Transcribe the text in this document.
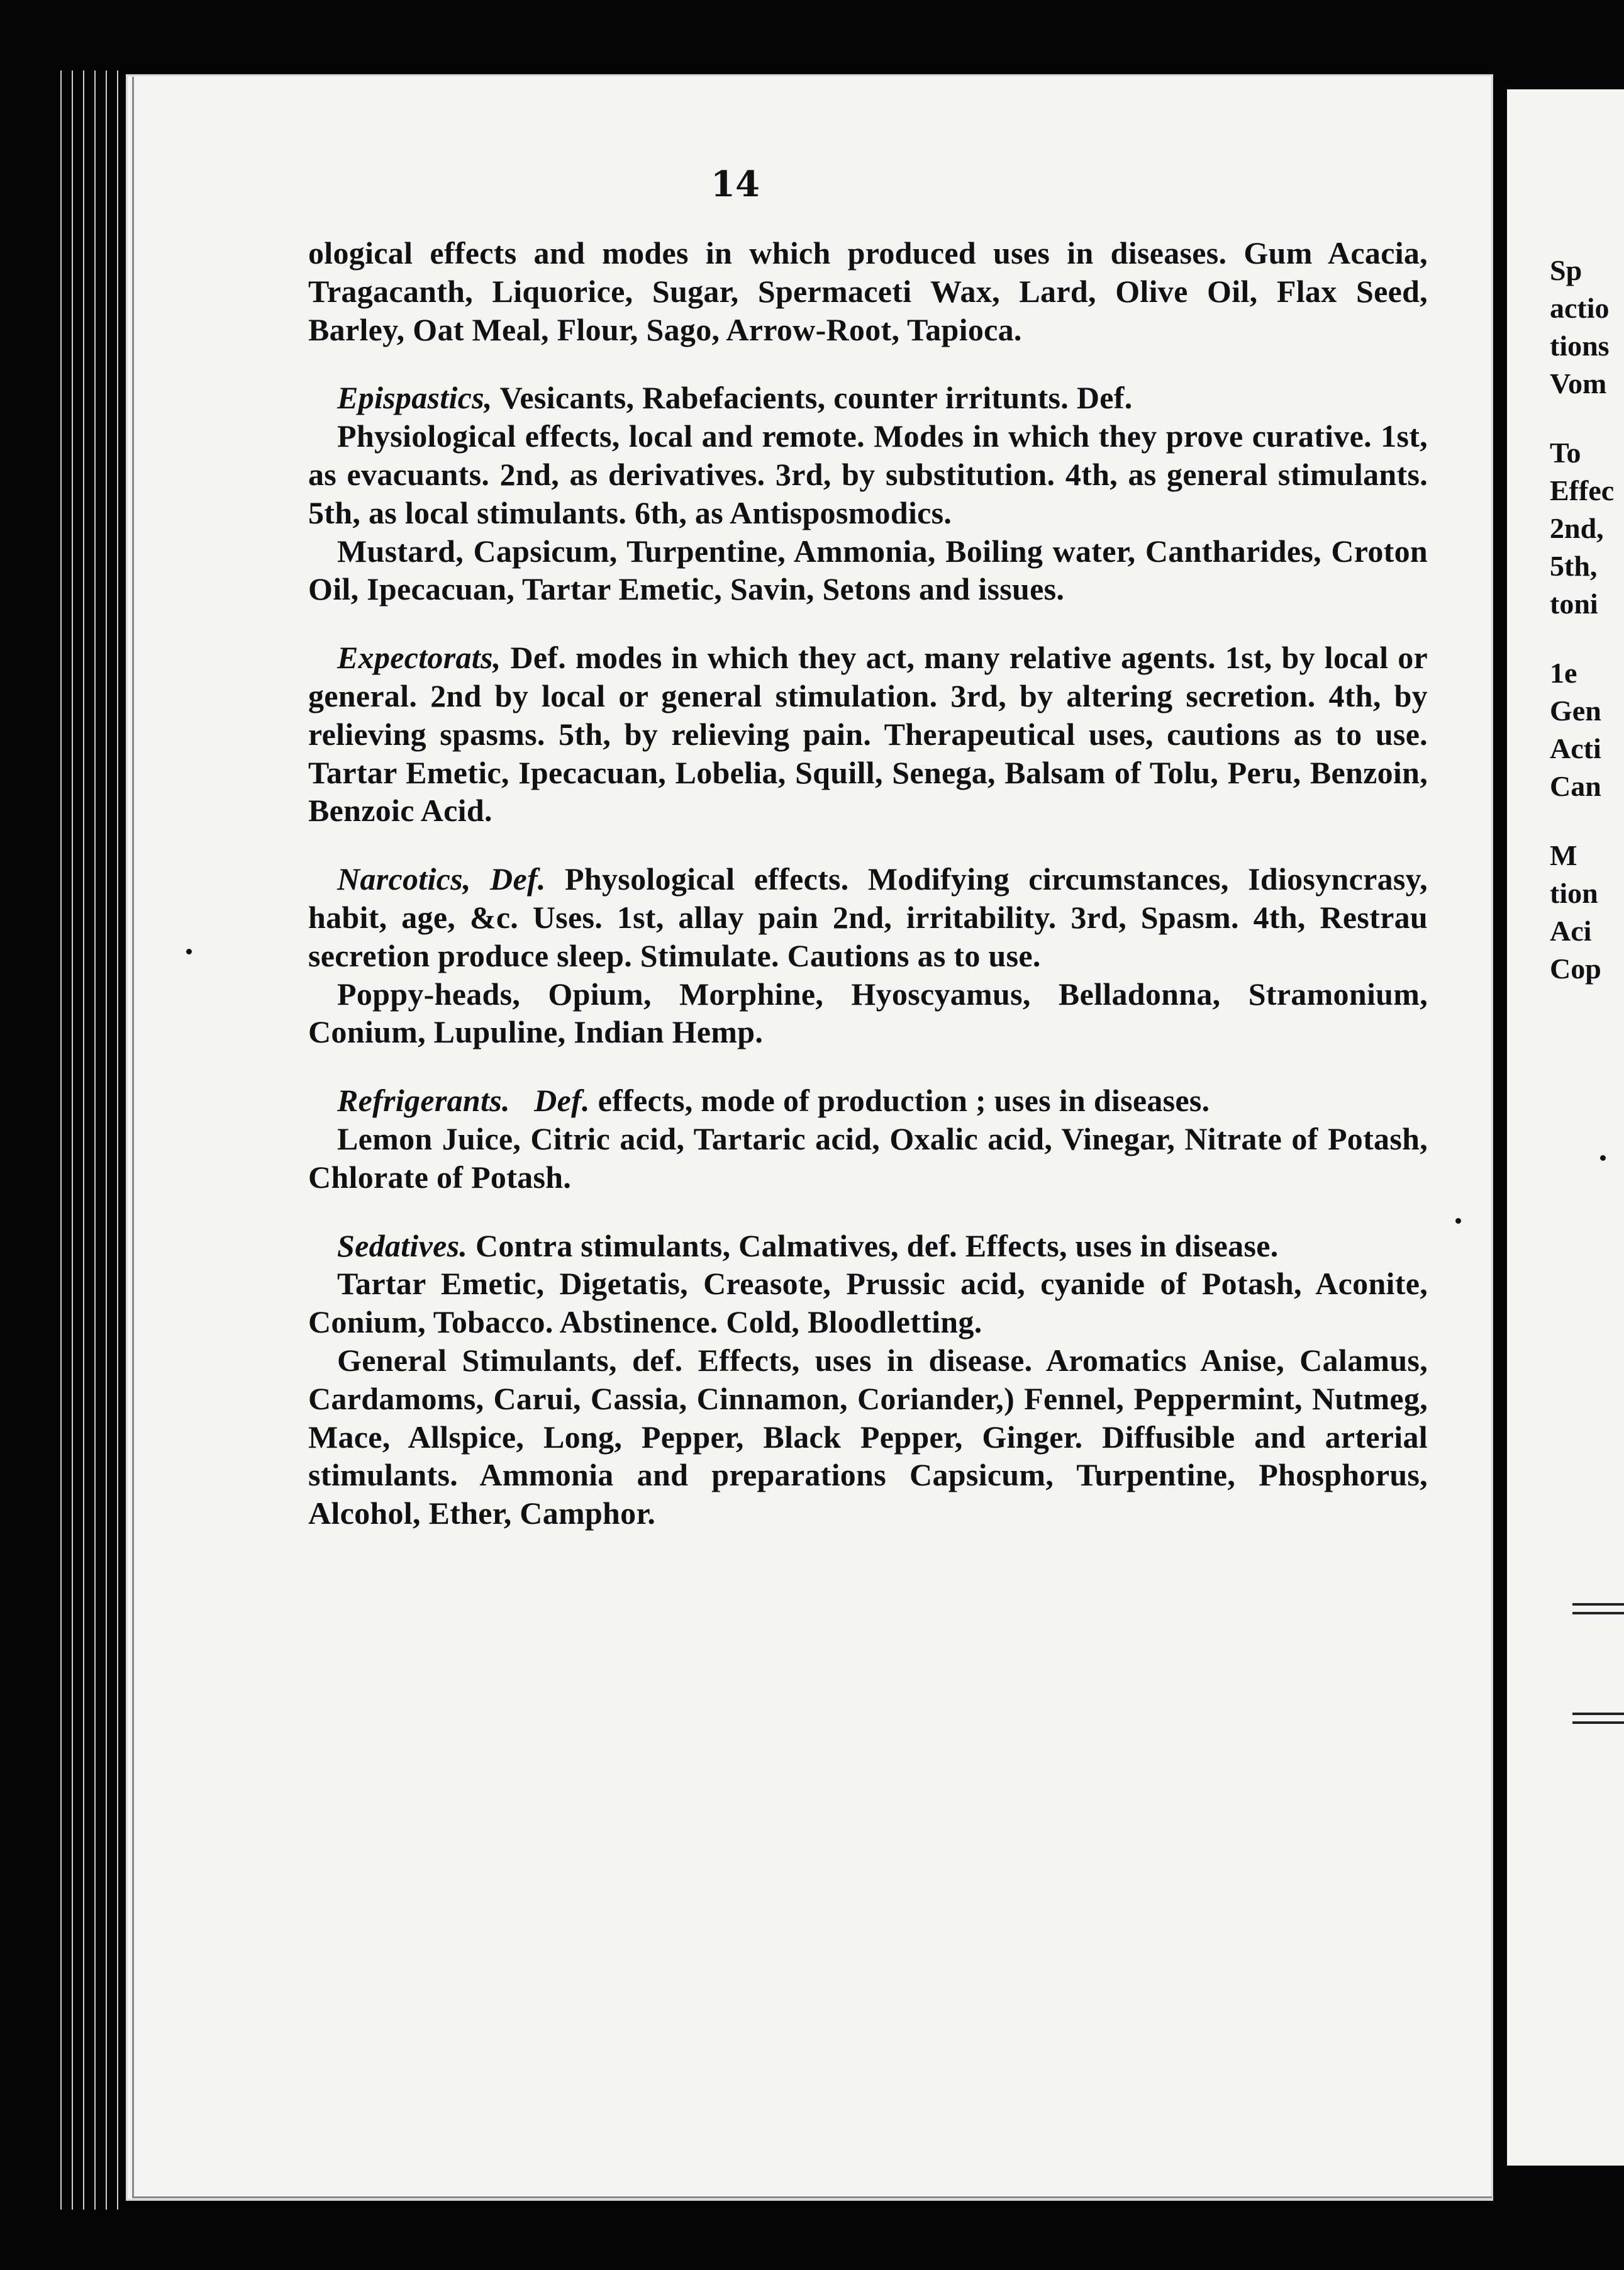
14

ological effects and modes in which produced uses in diseases. Gum Acacia, Tragacanth, Liquorice, Sugar, Spermaceti Wax, Lard, Olive Oil, Flax Seed, Barley, Oat Meal, Flour, Sago, Arrow-Root, Tapioca.

Epispastics, Vesicants, Rabefacients, counter irritunts. Def.

Physiological effects, local and remote. Modes in which they prove curative. 1st, as evacuants. 2nd, as derivatives. 3rd, by substitution. 4th, as general stimulants. 5th, as local stimulants. 6th, as Antisposmodics.

Mustard, Capsicum, Turpentine, Ammonia, Boiling water, Cantharides, Croton Oil, Ipecacuan, Tartar Emetic, Savin, Setons and issues.

Expectorats, Def. modes in which they act, many relative agents. 1st, by local or general. 2nd by local or general stimulation. 3rd, by altering secretion. 4th, by relieving spasms. 5th, by relieving pain. Therapeutical uses, cautions as to use. Tartar Emetic, Ipecacuan, Lobelia, Squill, Senega, Balsam of Tolu, Peru, Benzoin, Benzoic Acid.

Narcotics, Def. Physological effects. Modifying circumstances, Idiosyncrasy, habit, age, &c. Uses. 1st, allay pain 2nd, irritability. 3rd, Spasm. 4th, Restrau secretion produce sleep. Stimulate. Cautions as to use.

Poppy-heads, Opium, Morphine, Hyoscyamus, Belladonna, Stramonium, Conium, Lupuline, Indian Hemp.

Refrigerants. Def. effects, mode of production ; uses in diseases.

Lemon Juice, Citric acid, Tartaric acid, Oxalic acid, Vinegar, Nitrate of Potash, Chlorate of Potash.

Sedatives. Contra stimulants, Calmatives, def. Effects, uses in disease.

Tartar Emetic, Digetatis, Creasote, Prussic acid, cyanide of Potash, Aconite, Conium, Tobacco. Abstinence. Cold, Bloodletting.

General Stimulants, def. Effects, uses in disease. Aromatics Anise, Calamus, Cardamoms, Carui, Cassia, Cinnamon, Coriander,) Fennel, Peppermint, Nutmeg, Mace, Allspice, Long, Pepper, Black Pepper, Ginger. Diffusible and arterial stimulants. Ammonia and preparations Capsicum, Turpentine, Phosphorus, Alcohol, Ether, Camphor.

Sp
actio
tions
Vom
To
Effec
2nd,
5th,
toni
1e
Gen
Acti
Can
M
tion
Aci
Cop
